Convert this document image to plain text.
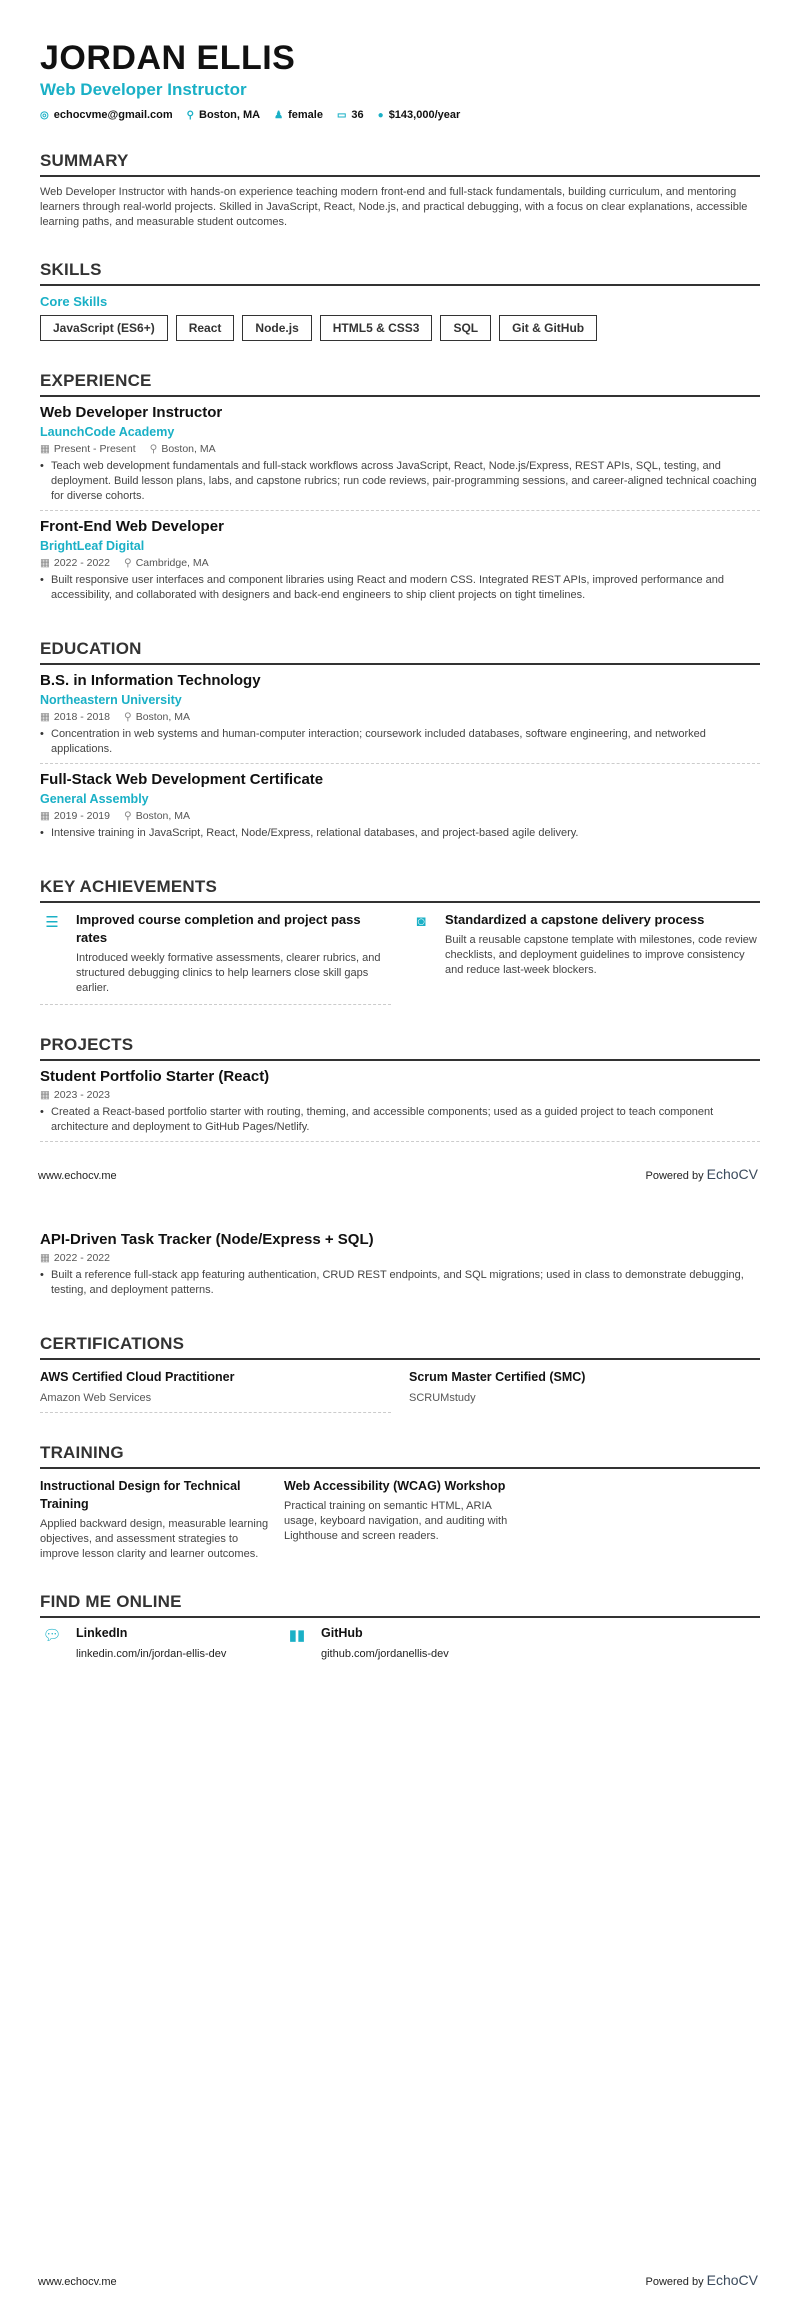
JORDAN ELLIS
Web Developer Instructor
◎ echocvme@gmail.com ⚲ Boston, MA ♟ female ▭ 36 ● $143,000/year
SUMMARY

Web Developer Instructor with hands-on experience teaching modern front-end and full-stack fundamentals, building curriculum, and mentoring learners through real-world projects. Skilled in JavaScript, React, Node.js, and practical debugging, with a focus on clear explanations, accessible learning paths, and measurable student outcomes.

SKILLS
Core Skills
JavaScript (ES6+)	React	Node.js	HTML5 & CSS3	SQL	Git & GitHub
EXPERIENCE
Web Developer Instructor
LaunchCode Academy
▦ Present - Present ⚲ Boston, MA
• Teach web development fundamentals and full-stack workflows across JavaScript, React, Node.js/Express, REST APIs, SQL, testing, and deployment. Build lesson plans, labs, and capstone rubrics; run code reviews, pair-programming sessions, and career-aligned technical coaching for diverse cohorts.
Front-End Web Developer
BrightLeaf Digital
▦ 2022 - 2022 ⚲ Cambridge, MA
• Built responsive user interfaces and component libraries using React and modern CSS. Integrated REST APIs, improved performance and accessibility, and collaborated with designers and back-end engineers to ship client projects on tight timelines.
EDUCATION
B.S. in Information Technology
Northeastern University
▦ 2018 - 2018 ⚲ Boston, MA
• Concentration in web systems and human-computer interaction; coursework included databases, software engineering, and networked applications.
Full-Stack Web Development Certificate
General Assembly
▦ 2019 - 2019 ⚲ Boston, MA
• Intensive training in JavaScript, React, Node/Express, relational databases, and project-based agile delivery.
KEY ACHIEVEMENTS
☰	Improved course completion and project pass rates

Introduced weekly formative assessments, clearer rubrics, and structured debugging clinics to help learners close skill gaps earlier.

◙	Standardized a capstone delivery process

Built a reusable capstone template with milestones, code review checklists, and deployment guidelines to improve consistency and reduce last-week blockers.

PROJECTS
Student Portfolio Starter (React)
▦ 2023 - 2023
• Created a React-based portfolio starter with routing, theming, and accessible components; used as a guided project to teach component architecture and deployment to GitHub Pages/Netlify.
www.echocv.me	Powered by EchoCV
API-Driven Task Tracker (Node/Express + SQL)
▦ 2022 - 2022
• Built a reference full-stack app featuring authentication, CRUD REST endpoints, and SQL migrations; used in class to demonstrate debugging, testing, and deployment patterns.
CERTIFICATIONS
AWS Certified Cloud Practitioner

Amazon Web Services

Scrum Master Certified (SMC)

SCRUMstudy

TRAINING
Instructional Design for Technical Training

Applied backward design, measurable learning objectives, and assessment strategies to improve lesson clarity and learner outcomes.

Web Accessibility (WCAG) Workshop

Practical training on semantic HTML, ARIA usage, keyboard navigation, and auditing with Lighthouse and screen readers.

FIND ME ONLINE
💬︎ LinkedIn

linkedin.com/in/jordan-ellis-dev

▮▮	GitHub

github.com/jordanellis-dev

www.echocv.me	Powered by EchoCV
